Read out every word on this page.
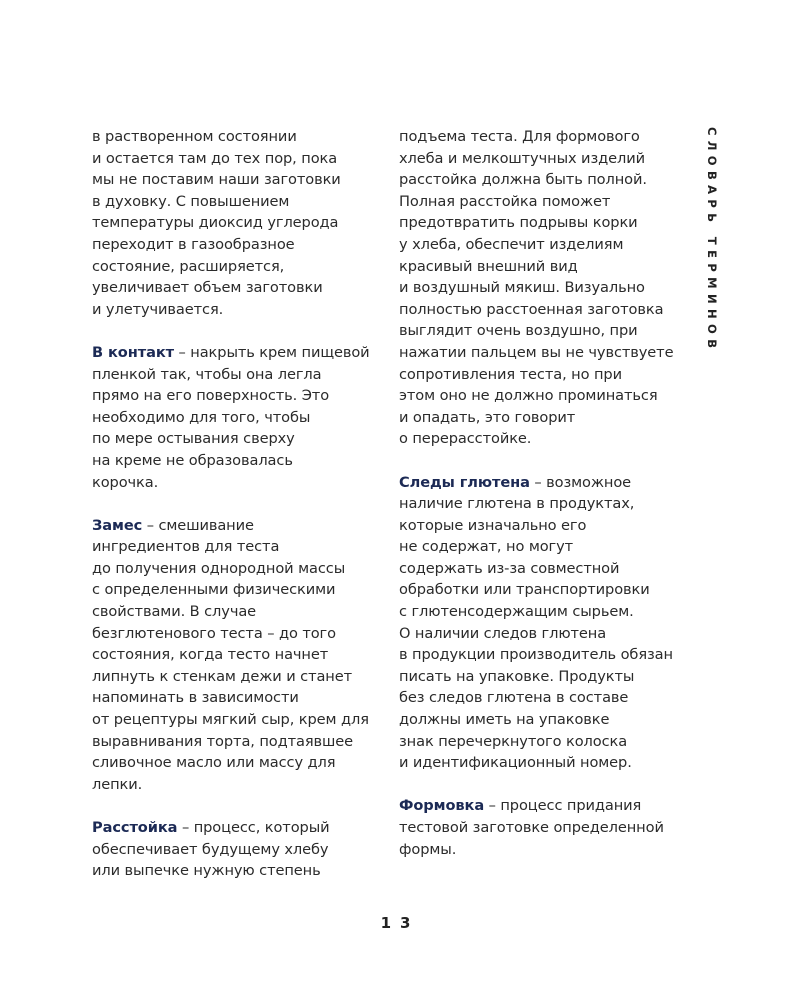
в растворенном состоянии
и остается там до тех пор, пока
мы не поставим наши заготовки
в духовку. С повышением
температуры диоксид углерода
переходит в газообразное
состояние, расширяется,
увеличивает объем заготовки
и улетучивается.
В контакт – накрыть крем пищевой
пленкой так, чтобы она легла
прямо на его поверхность. Это
необходимо для того, чтобы
по мере остывания сверху
на креме не образовалась
корочка.
Замес – смешивание
ингредиентов для теста
до получения однородной массы
с определенными физическими
свойствами. В случае
безглютенового теста – до того
состояния, когда тесто начнет
липнуть к стенкам дежи и станет
напоминать в зависимости
от рецептуры мягкий сыр, крем для
выравнивания торта, подтаявшее
сливочное масло или массу для
лепки.
Расстойка – процесс, который
обеспечивает будущему хлебу
или выпечке нужную степень
подъема теста. Для формового
хлеба и мелкоштучных изделий
расстойка должна быть полной.
Полная расстойка поможет
предотвратить подрывы корки
у хлеба, обеспечит изделиям
красивый внешний вид
и воздушный мякиш. Визуально
полностью расстоенная заготовка
выглядит очень воздушно, при
нажатии пальцем вы не чувствуете
сопротивления теста, но при
этом оно не должно проминаться
и опадать, это говорит
о перерасстойке.
Следы глютена – возможное
наличие глютена в продуктах,
которые изначально его
не содержат, но могут
содержать из-за совместной
обработки или транспортировки
с глютенсодержащим сырьем.
О наличии следов глютена
в продукции производитель обязан
писать на упаковке. Продукты
без следов глютена в составе
должны иметь на упаковке
знак перечеркнутого колоска
и идентификационный номер.
Формовка – процесс придания
тестовой заготовке определенной
формы.
СЛОВАРЬ ТЕРМИНОВ
13
